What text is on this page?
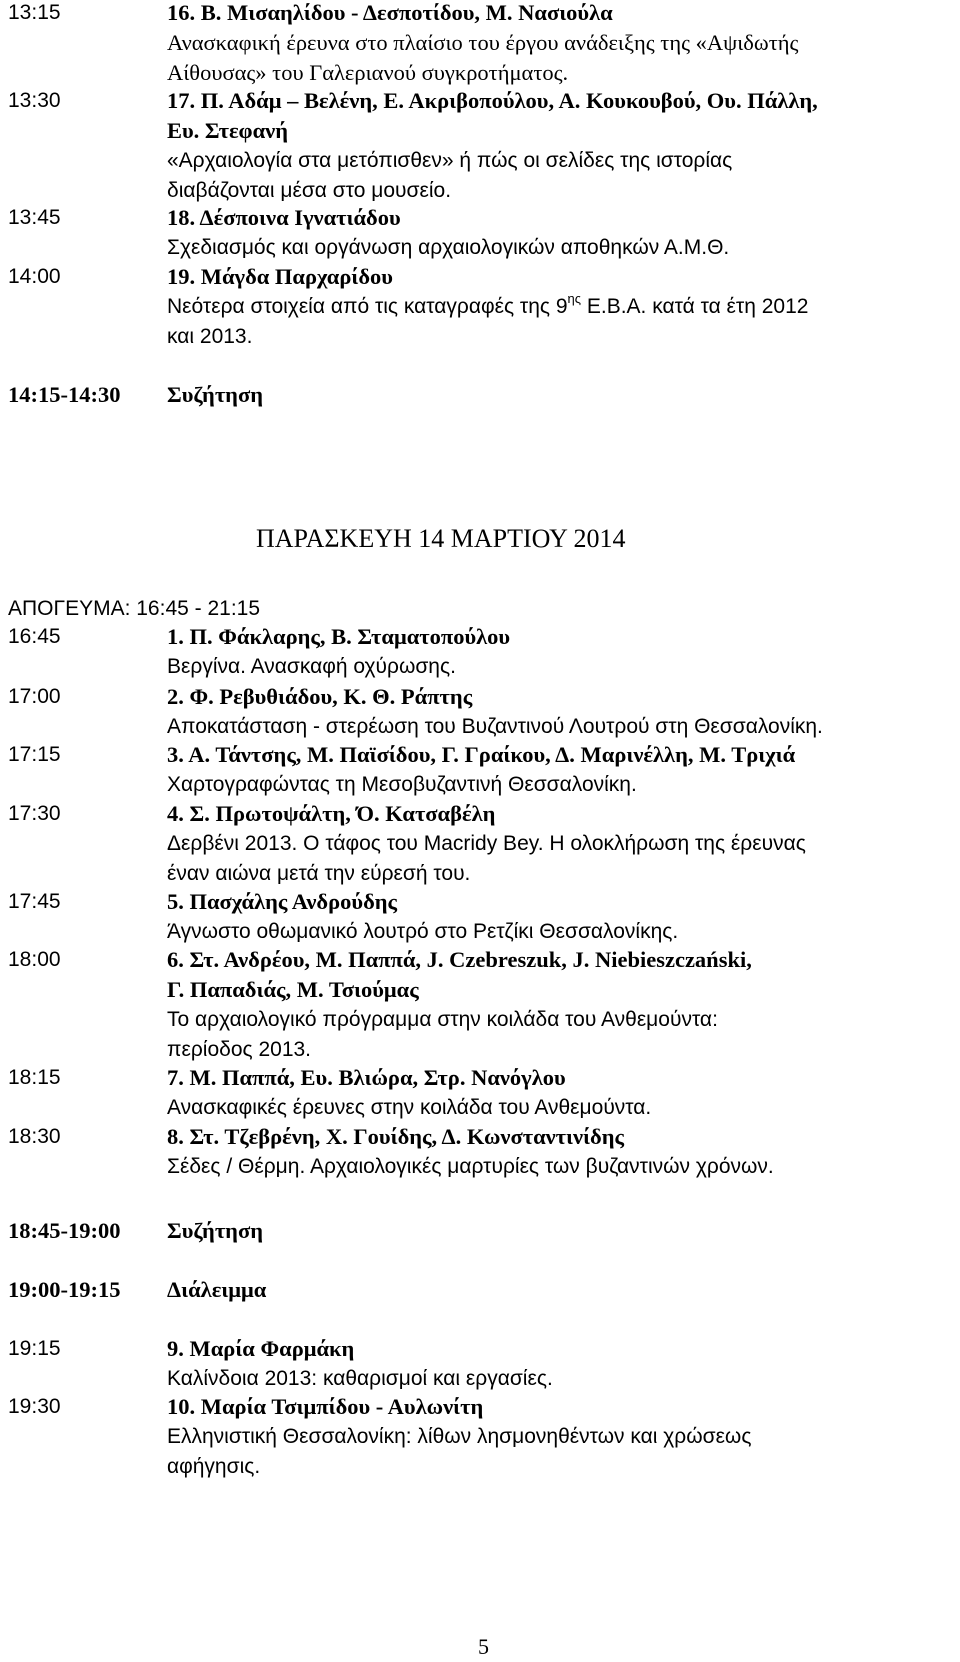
13:15	16. Β. Μισαηλίδου - Δεσποτίδου, Μ. Νασιούλα
Ανασκαφική έρευνα στο πλαίσιο του έργου ανάδειξης της «Αψιδωτής
Αίθουσας» του Γαλεριανού συγκροτήματος.
13:30	17. Π. Αδάμ – Βελένη, Ε. Ακριβοπούλου, Α. Κουκουβού, Ου. Πάλλη,
Ευ. Στεφανή
«Αρχαιολογία στα μετόπισθεν» ή πώς οι σελίδες της ιστορίας
διαβάζονται μέσα στο μουσείο.
13:45	18. Δέσποινα Ιγνατιάδου
Σχεδιασμός και οργάνωση αρχαιολογικών αποθηκών Α.Μ.Θ.
14:00	19. Μάγδα Παρχαρίδου
Νεότερα στοιχεία από τις καταγραφές της $9^{\eta\varsigma}$ Ε.Β.Α. κατά τα έτη 2012
και 2013.
14:15-14:30 Συζήτηση
ΠΑΡΑΣΚΕΥΗ 14 ΜΑΡΤΙΟΥ 2014
ΑΠΟΓΕΥΜΑ: 16:45 - 21:15
16:45	1. Π. Φάκλαρης, Β. Σταματοπούλου
Βεργίνα. Ανασκαφή οχύρωσης.
17:00	2. Φ. Ρεβυθιάδου, Κ. Θ. Ράπτης
Αποκατάσταση - στερέωση του Βυζαντινού Λουτρού στη Θεσσαλονίκη.
17:15	3. Α. Τάντσης, Μ. Παϊσίδου, Γ. Γραίκου, Δ. Μαρινέλλη, Μ. Τριχιά
Χαρτογραφώντας τη Μεσοβυζαντινή Θεσσαλονίκη.
17:30	4. Σ. Πρωτοψάλτη, Ό. Κατσαβέλη
Δερβένι 2013. Ο τάφος του Macridy Bey. Η ολοκλήρωση της έρευνας
έναν αιώνα μετά την εύρεσή του.
17:45	5. Πασχάλης Ανδρούδης
Άγνωστο οθωμανικό λουτρό στο Ρετζίκι Θεσσαλονίκης.
18:00	6. Στ. Ανδρέου, Μ. Παππά, J. Czebreszuk, J. Niebieszczański,
Γ. Παπαδιάς, Μ. Τσιούμας
Το αρχαιολογικό πρόγραμμα στην κοιλάδα του Ανθεμούντα:
περίοδος 2013.
18:15	7. Μ. Παππά, Ευ. Βλιώρα, Στρ. Νανόγλου
Ανασκαφικές έρευνες στην κοιλάδα του Ανθεμούντα.
18:30	8. Στ. Τζεβρένη, Χ. Γουίδης, Δ. Κωνσταντινίδης
Σέδες / Θέρμη. Αρχαιολογικές μαρτυρίες των βυζαντινών χρόνων.
18:45-19:00 Συζήτηση
19:00-19:15 Διάλειμμα
19:15	9. Μαρία Φαρμάκη
Καλίνδοια 2013: καθαρισμοί και εργασίες.
19:30	10. Μαρία Τσιμπίδου - Αυλωνίτη
Ελληνιστική Θεσσαλονίκη: λίθων λησμονηθέντων και χρώσεως
αφήγησις.
5
